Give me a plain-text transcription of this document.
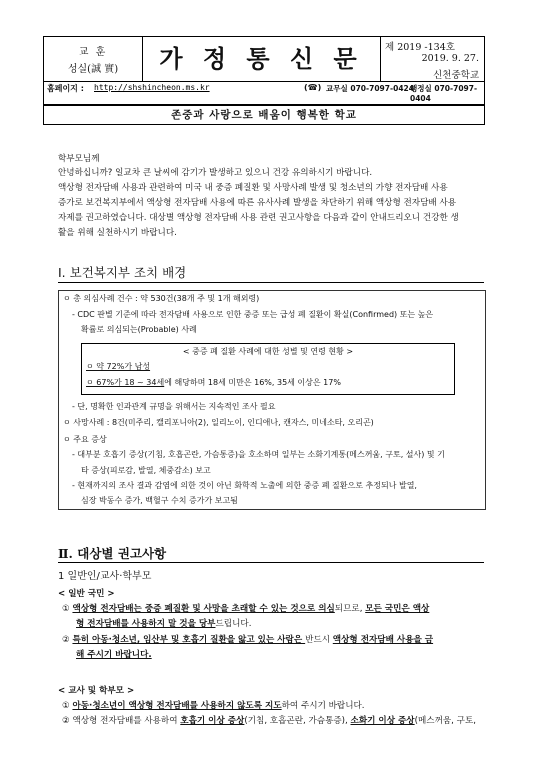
교 훈
성실(誠 實)	가 정 통 신 문	제 2019 -134호
2019. 9. 27.
신천중학교
홈페이지 : http://shshincheon.ms.kr	(☎) 교무실 070-7097-0424
행정실 070-7097-0404
존중과 사랑으로 배움이 행복한 학교
학부모님께
안녕하십니까? 일교차 큰 날씨에 감기가 발생하고 있으니 건강 유의하시기 바랍니다.
액상형 전자담배 사용과 관련하여 미국 내 중증 폐질환 및 사망사례 발생 및 청소년의 가향 전자담배 사용
증가로 보건복지부에서 액상형 전자담배 사용에 따른 유사사례 발생을 차단하기 위해 액상형 전자담배 사용
자제를 권고하였습니다. 대상별 액상형 전자담배 사용 관련 권고사항을 다음과 같이 안내드리오니 건강한 생
활을 위해 실천하시기 바랍니다.
Ⅰ. 보건복지부 조치 배경
ㅇ 총 의심사례 건수 : 약 530건(38개 주 및 1개 해외령)
- CDC 판별 기준에 따라 전자담배 사용으로 인한 중증 또는 급성 폐 질환이 확실(Confirmed) 또는 높은
확률로 의심되는(Probable) 사례
< 중증 폐 질환 사례에 대한 성별 및 연령 현황 >
ㅇ 약 72%가 남성
ㅇ 67%가 18 ~ 34세에 해당하며 18세 미만은 16%, 35세 이상은 17%
- 단, 명확한 인과관계 규명을 위해서는 지속적인 조사 필요
ㅇ 사망사례 : 8건(미주리, 캘리포니아(2), 일리노이, 인디애나, 캔자스, 미네소타, 오리곤)
ㅇ 주요 증상
- 대부분 호흡기 증상(기침, 호흡곤란, 가슴통증)을 호소하며 일부는 소화기계통(메스꺼움, 구토, 설사) 및 기
타 증상(피로감, 발열, 체중감소) 보고
- 현재까지의 조사 결과 감염에 의한 것이 아닌 화학적 노출에 의한 중증 폐 질환으로 추정되나 발열,
심장 박동수 증가, 백혈구 수치 증가가 보고됨
Ⅱ. 대상별 권고사항
1 일반인/교사·학부모
< 일반 국민 >
① 액상형 전자담배는 중증 폐질환 및 사망을 초래할 수 있는 것으로 의심되므로, 모든 국민은 액상
형 전자담배를 사용하지 말 것을 당부드립니다.
② 특히 아동·청소년, 임산부 및 호흡기 질환을 앓고 있는 사람은 반드시 액상형 전자담배 사용을 금
해 주시기 바랍니다.
< 교사 및 학부모 >
① 아동·청소년이 액상형 전자담배를 사용하지 않도록 지도하여 주시기 바랍니다.
② 액상형 전자담배를 사용하여 호흡기 이상 증상(기침, 호흡곤란, 가슴통증), 소화기 이상 증상(메스꺼움, 구토,
